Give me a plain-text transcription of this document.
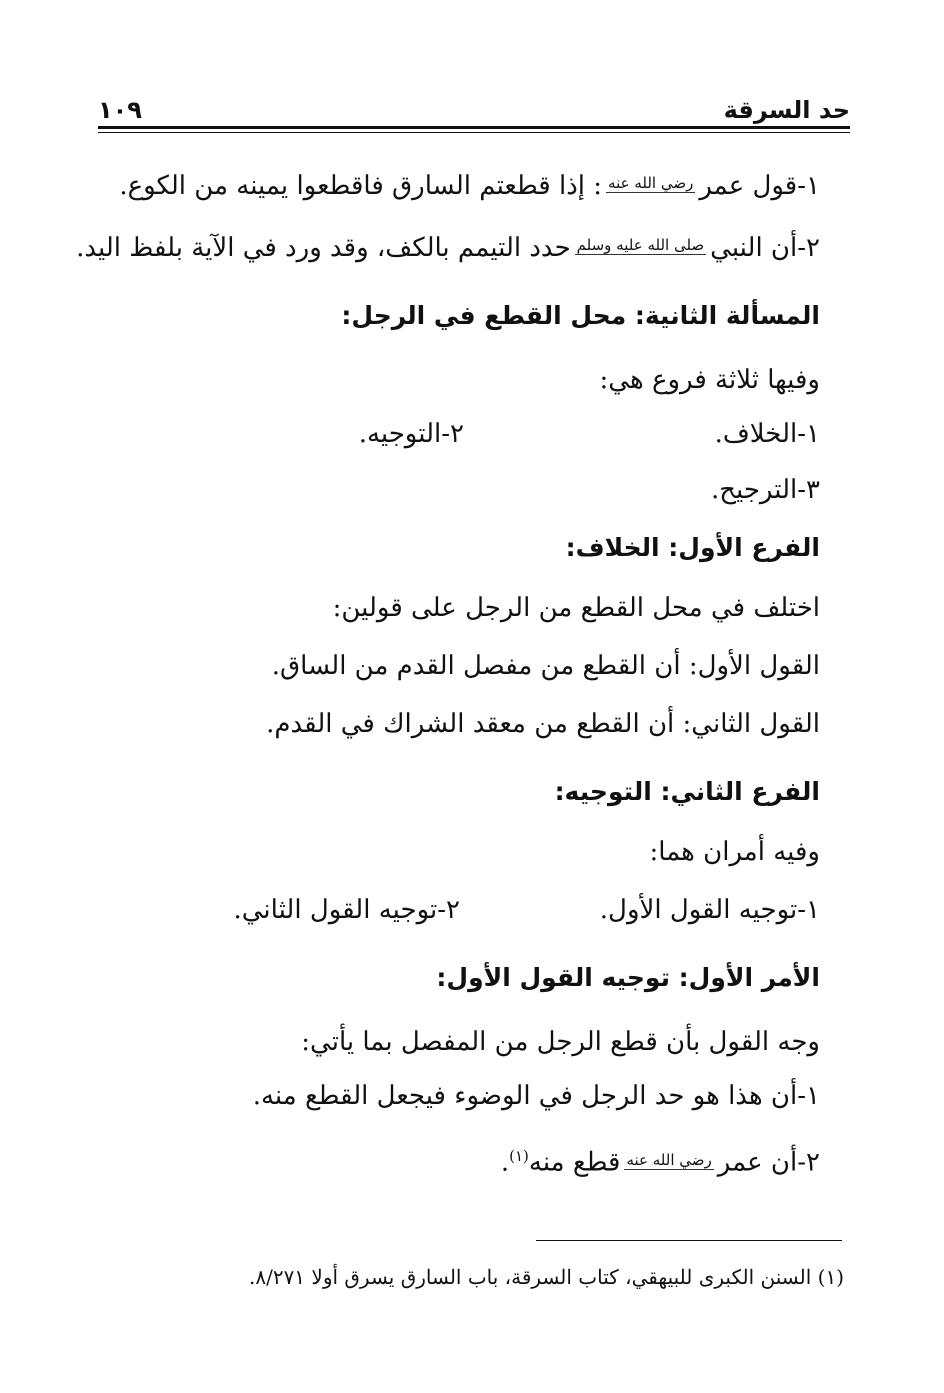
حد السرقة
١٠٩
١-قول عمررضي الله عنه: إذا قطعتم السارق فاقطعوا يمينه من الكوع.
٢-أن النبيصلى الله عليه وسلمحدد التيمم بالكف، وقد ورد في الآية بلفظ اليد.
المسألة الثانية: محل القطع في الرجل:
وفيها ثلاثة فروع هي:
١-الخلاف.
٢-التوجيه.
٣-الترجيح.
الفرع الأول: الخلاف:
اختلف في محل القطع من الرجل على قولين:
القول الأول: أن القطع من مفصل القدم من الساق.
القول الثاني: أن القطع من معقد الشراك في القدم.
الفرع الثاني: التوجيه:
وفيه أمران هما:
١-توجيه القول الأول.
٢-توجيه القول الثاني.
الأمر الأول: توجيه القول الأول:
وجه القول بأن قطع الرجل من المفصل بما يأتي:
١-أن هذا هو حد الرجل في الوضوء فيجعل القطع منه.
٢-أن عمررضي الله عنهقطع منه$^{(١)}$.
(١) السنن الكبرى للبيهقي، كتاب السرقة، باب السارق يسرق أولا ٨/٢٧١.
